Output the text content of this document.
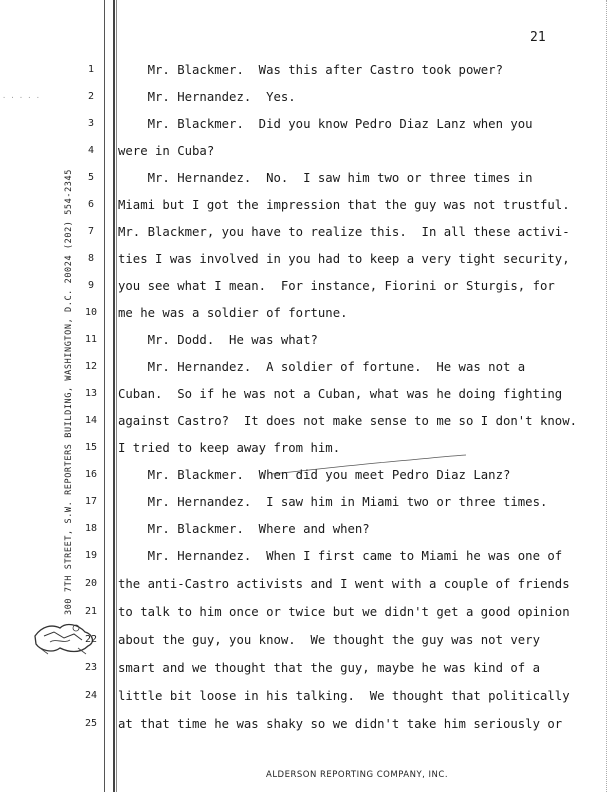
21
· · · · ·
300 7TH STREET, S.W. REPORTERS BUILDING, WASHINGTON, D.C. 20024 (202) 554-2345
1
2
3
4
5
6
7
8
9
10
11
12
13
14
15
16
17
18
19
20
21
22
23
24
25
Mr. Blackmer.  Was this after Castro took power?
Mr. Hernandez.  Yes.
Mr. Blackmer.  Did you know Pedro Diaz Lanz when you
were in Cuba?
Mr. Hernandez.  No.  I saw him two or three times in
Miami but I got the impression that the guy was not trustful.
Mr. Blackmer, you have to realize this.  In all these activi-
ties I was involved in you had to keep a very tight security,
you see what I mean.  For instance, Fiorini or Sturgis, for
me he was a soldier of fortune.
Mr. Dodd.  He was what?
Mr. Hernandez.  A soldier of fortune.  He was not a
Cuban.  So if he was not a Cuban, what was he doing fighting
against Castro?  It does not make sense to me so I don't know.
I tried to keep away from him.
Mr. Blackmer.  When did you meet Pedro Diaz Lanz?
Mr. Hernandez.  I saw him in Miami two or three times.
Mr. Blackmer.  Where and when?
Mr. Hernandez.  When I first came to Miami he was one of
the anti-Castro activists and I went with a couple of friends
to talk to him once or twice but we didn't get a good opinion
about the guy, you know.  We thought the guy was not very
smart and we thought that the guy, maybe he was kind of a
little bit loose in his talking.  We thought that politically
at that time he was shaky so we didn't take him seriously or
ALDERSON REPORTING COMPANY, INC.
